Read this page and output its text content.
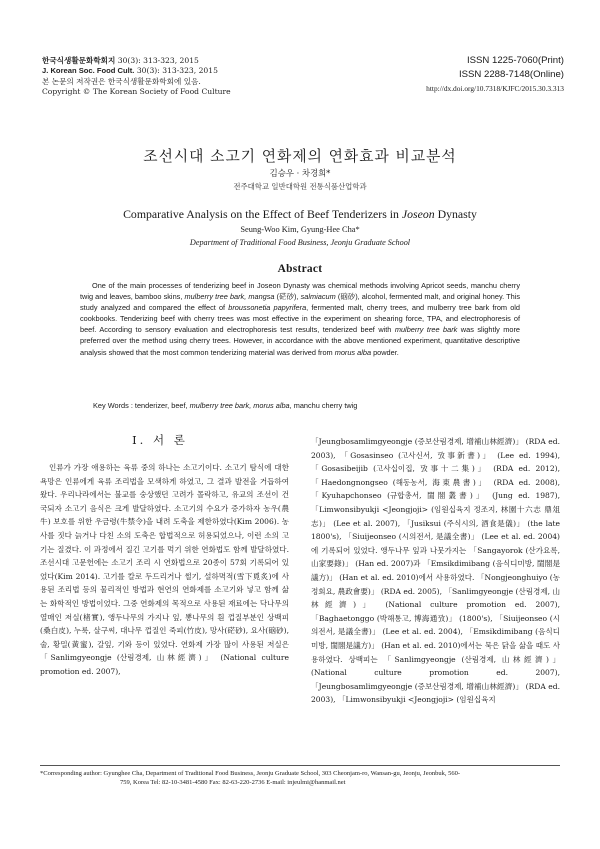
한국식생활문화학회지 30(3): 313-323, 2015
J. Korean Soc. Food Cult. 30(3): 313-323, 2015
본 논문의 저작권은 한국식생활문화학회에 있음.
Copyright © The Korean Society of Food Culture
ISSN 1225-7060(Print)
ISSN 2288-7148(Online)
http://dx.doi.org/10.7318/KJFC/2015.30.3.313
조선시대 소고기 연화제의 연화효과 비교분석
김승우 · 차경희*
전주대학교 일반대학원 전통식품산업학과
Comparative Analysis on the Effect of Beef Tenderizers in Joseon Dynasty
Seung-Woo Kim, Gyung-Hee Cha*
Department of Traditional Food Business, Jeonju Graduate School
Abstract

One of the main processes of tenderizing beef in Joseon Dynasty was chemical methods involving Apricot seeds, manchu cherry twig and leaves, bamboo skins, mulberry tree bark, mangsa (硭砂), salmiacum (硇砂), alcohol, fermented malt, and original honey. This study analyzed and compared the effect of broussonetia papyrifera, fermented malt, cherry trees, and mulberry tree bark from old cookbooks. Tenderizing beef with cherry trees was most effective in the experiment on shearing force, TPA, and electrophoresis of beef. According to sensory evaluation and electrophoresis test results, tenderized beef with mulberry tree bark was slightly more preferred over the method using cherry trees. However, in accordance with the above mentioned experiment, quantitative descriptive analysis showed that the most common tenderizing material was derived from morus alba powder.

Key Words : tenderizer, beef, mulberry tree bark, morus alba, manchu cherry twig
Ⅰ. 서 론

인류가 가장 애용하는 육류 중의 하나는 소고기이다. 소고기 탐식에 대한 욕망은 인류에게 육류 조리법을 모색하게 하였고, 그 결과 발전을 거듭하여 왔다. 우리나라에서는 불교를 숭상했던 고려가 몰락하고, 유교의 조선이 건국되자 소고기 음식은 크게 발달하였다. 소고기의 수요가 증가하자 농우(農牛) 보호를 위한 우금령(牛禁令)을 내려 도축을 제한하였다(Kim 2006). 농사를 짓다 늙거나 다친 소의 도축은 합법적으로 허용되었으나, 이런 소의 고기는 질겼다. 이 과정에서 질긴 고기를 먹기 위한 연화법도 함께 발달하였다. 조선시대 고문헌에는 소고기 조리 시 연화법으로 20종이 57회 기록되어 있었다(Kim 2014). 고기를 칼로 두드리거나 썰기, 설하멱적(雪下覓炙)에 사용된 조리법 등의 물리적인 방법과 현연의 연화제를 소고기와 넣고 함께 삶는 화학적인 방법이었다. 그중 연화제의 목적으로 사용된 재료에는 닥나무의 열매인 저실(楮實), 앵두나무의 가지나 잎, 뽕나무의 흰 껍질부분인 상백피(桑白皮), 누룩, 살구씨, 대나무 껍질인 죽피(竹皮), 망사(硭砂), 요사(硇砂), 술, 황밀(黃蜜), 갈잎, 기와 등이 있었다. 연화제 가장 많이 사용된 저실은 「Sanlimgyeongje (산림경제, 山林經濟)」 (National culture promotion ed. 2007),

「Jeungbosamlimgyeongje (증보산림경제, 增補山林經濟)」 (RDA ed. 2003), 「Gosasinseo (고사신서, 攷事新書)」 (Lee ed. 1994), 「Gosasibeijib (고사십이집, 攷事十二集)」 (RDA ed. 2012), 「Haedongnongseo (해동농서, 海東農書)」 (RDA ed. 2008), 「Kyuhapchonseo (규합총서, 閨閤叢書)」 (Jung ed. 1987), 「Limwonsibyukji <Jeongjoji> (임원십육지 정조지, 林園十六志 鼎俎志)」 (Lee et al. 2007), 「Jusiksui (주식시의, 酒食是儀)」 (the late 1800's), 「Siuijeonseo (시의전서, 是議全書)」 (Lee et al. ed. 2004)에 기록되어 있었다. 앵두나무 잎과 나뭇가지는 「Sangayorok (산가요록, 山家要錄)」 (Han ed. 2007)과 「Emsikdimibang (음식디미방, 閨閤是議方)」 (Han et al. ed. 2010)에서 사용하였다. 「Nongjeonghuiyo (농정회요, 農政會要)」 (RDA ed. 2005), 「Sanlimgyeongje (산림경제, 山林經濟)」 (National culture promotion ed. 2007), 「Baghaetonggo (박해통고, 博海通攷)」 (1800's), 「Siuijeonseo (시의전서, 是議全書)」 (Lee et al. ed. 2004), 「Emsikdimibang (음식디미방, 閨閤是議方)」 (Han et al. ed. 2010)에서는 묵은 닭을 삶을 때도 사용하였다. 상백피는 「Sanlimgyeongje (산림경제, 山林經濟)」 (National culture promotion ed. 2007), 「Jeungbosamlimgyeongje (증보산림경제, 增補山林經濟)」 (RDA ed. 2003), 「Limwonsibyukji <Jeongjoji> (임원십육지

*Corresponding author: Gyunghee Cha, Department of Traditional Food Business, Jeonju Graduate School, 303 Cheonjam-ro, Wansan-gu, Jeonju, Jeonbuk, 560-
759, Korea Tel: 82-10-3481-4580 Fax: 82-63-220-2736 E-mail: injeulmi@hanmail.net
